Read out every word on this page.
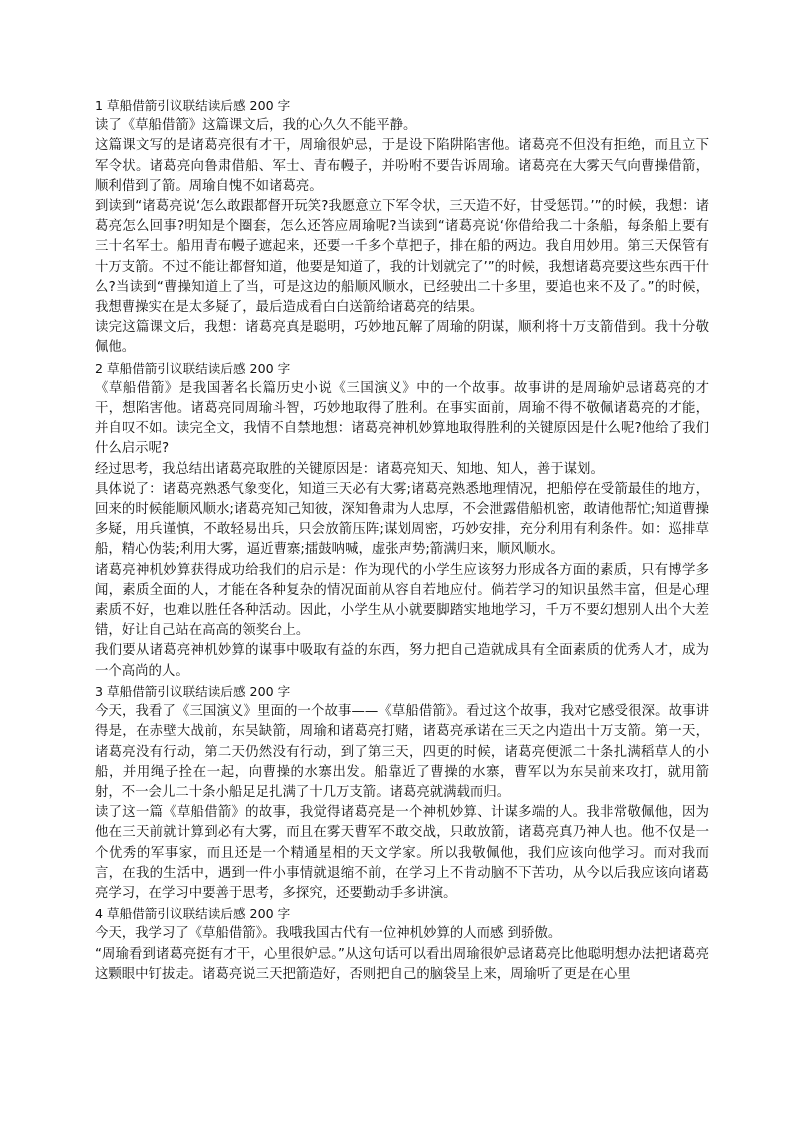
1 草船借箭引议联结读后感 200 字

读了《草船借箭》这篇课文后，我的心久久不能平静。

这篇课文写的是诸葛亮很有才干，周瑜很妒忌，于是设下陷阱陷害他。诸葛亮不但没有拒绝，而且立下军令状。诸葛亮向鲁肃借船、军士、青布幔子，并吩咐不要告诉周瑜。诸葛亮在大雾天气向曹操借箭，顺利借到了箭。周瑜自愧不如诸葛亮。

到读到“诸葛亮说‘怎么敢跟都督开玩笑?我愿意立下军令状，三天造不好，甘受惩罚。’”的时候，我想：诸葛亮怎么回事?明知是个圈套，怎么还答应周瑜呢?当读到“诸葛亮说‘你借给我二十条船，每条船上要有三十名军士。船用青布幔子遮起来，还要一千多个草把子，排在船的两边。我自用妙用。第三天保管有十万支箭。不过不能让都督知道，他要是知道了，我的计划就完了’”的时候，我想诸葛亮要这些东西干什么?当读到“曹操知道上了当，可是这边的船顺风顺水，已经驶出二十多里，要追也来不及了。”的时候，我想曹操实在是太多疑了，最后造成看白白送箭给诸葛亮的结果。

读完这篇课文后，我想：诸葛亮真是聪明，巧妙地瓦解了周瑜的阴谋，顺利将十万支箭借到。我十分敬佩他。

2 草船借箭引议联结读后感 200 字

《草船借箭》是我国著名长篇历史小说《三国演义》中的一个故事。故事讲的是周瑜妒忌诸葛亮的才干，想陷害他。诸葛亮同周瑜斗智，巧妙地取得了胜利。在事实面前，周瑜不得不敬佩诸葛亮的才能，并自叹不如。读完全文，我情不自禁地想：诸葛亮神机妙算地取得胜利的关键原因是什么呢?他给了我们什么启示呢?

经过思考，我总结出诸葛亮取胜的关键原因是：诸葛亮知天、知地、知人，善于谋划。

具体说了：诸葛亮熟悉气象变化，知道三天必有大雾;诸葛亮熟悉地理情况，把船停在受箭最佳的地方，回来的时候能顺风顺水;诸葛亮知己知彼，深知鲁肃为人忠厚，不会泄露借船机密，敢请他帮忙;知道曹操多疑，用兵谨慎，不敢轻易出兵，只会放箭压阵;谋划周密，巧妙安排，充分利用有利条件。如：巡排草船，精心伪装;利用大雾，逼近曹寨;擂鼓呐喊，虚张声势;箭满归来，顺风顺水。

诸葛亮神机妙算获得成功给我们的启示是：作为现代的小学生应该努力形成各方面的素质，只有博学多闻，素质全面的人，才能在各种复杂的情况面前从容自若地应付。倘若学习的知识虽然丰富，但是心理素质不好，也难以胜任各种活动。因此，小学生从小就要脚踏实地地学习，千万不要幻想别人出个大差错，好让自己站在高高的领奖台上。

我们要从诸葛亮神机妙算的谋事中吸取有益的东西，努力把自己造就成具有全面素质的优秀人才，成为一个高尚的人。

3 草船借箭引议联结读后感 200 字

今天，我看了《三国演义》里面的一个故事——《草船借箭》。看过这个故事，我对它感受很深。故事讲得是，在赤壁大战前，东吴缺箭，周瑜和诸葛亮打赌，诸葛亮承诺在三天之内造出十万支箭。第一天，诸葛亮没有行动，第二天仍然没有行动，到了第三天，四更的时候，诸葛亮便派二十条扎满稻草人的小船，并用绳子拴在一起，向曹操的水寨出发。船靠近了曹操的水寨，曹军以为东吴前来攻打，就用箭射，不一会儿二十条小船足足扎满了十几万支箭。诸葛亮就满载而归。

读了这一篇《草船借箭》的故事，我觉得诸葛亮是一个神机妙算、计谋多端的人。我非常敬佩他，因为他在三天前就计算到必有大雾，而且在雾天曹军不敢交战，只敢放箭，诸葛亮真乃神人也。他不仅是一个优秀的军事家，而且还是一个精通星相的天文学家。所以我敬佩他，我们应该向他学习。而对我而言，在我的生活中，遇到一件小事情就退缩不前，在学习上不肯动脑不下苦功，从今以后我应该向诸葛亮学习，在学习中要善于思考，多探究，还要勤动手多讲演。

4 草船借箭引议联结读后感 200 字

今天，我学习了《草船借箭》。我哦我国古代有一位神机妙算的人而感 到骄傲。

“周瑜看到诸葛亮挺有才干，心里很妒忌。”从这句话可以看出周瑜很妒忌诸葛亮比他聪明想办法把诸葛亮这颗眼中钉拔走。诸葛亮说三天把箭造好，否则把自己的脑袋呈上来，周瑜听了更是在心里
